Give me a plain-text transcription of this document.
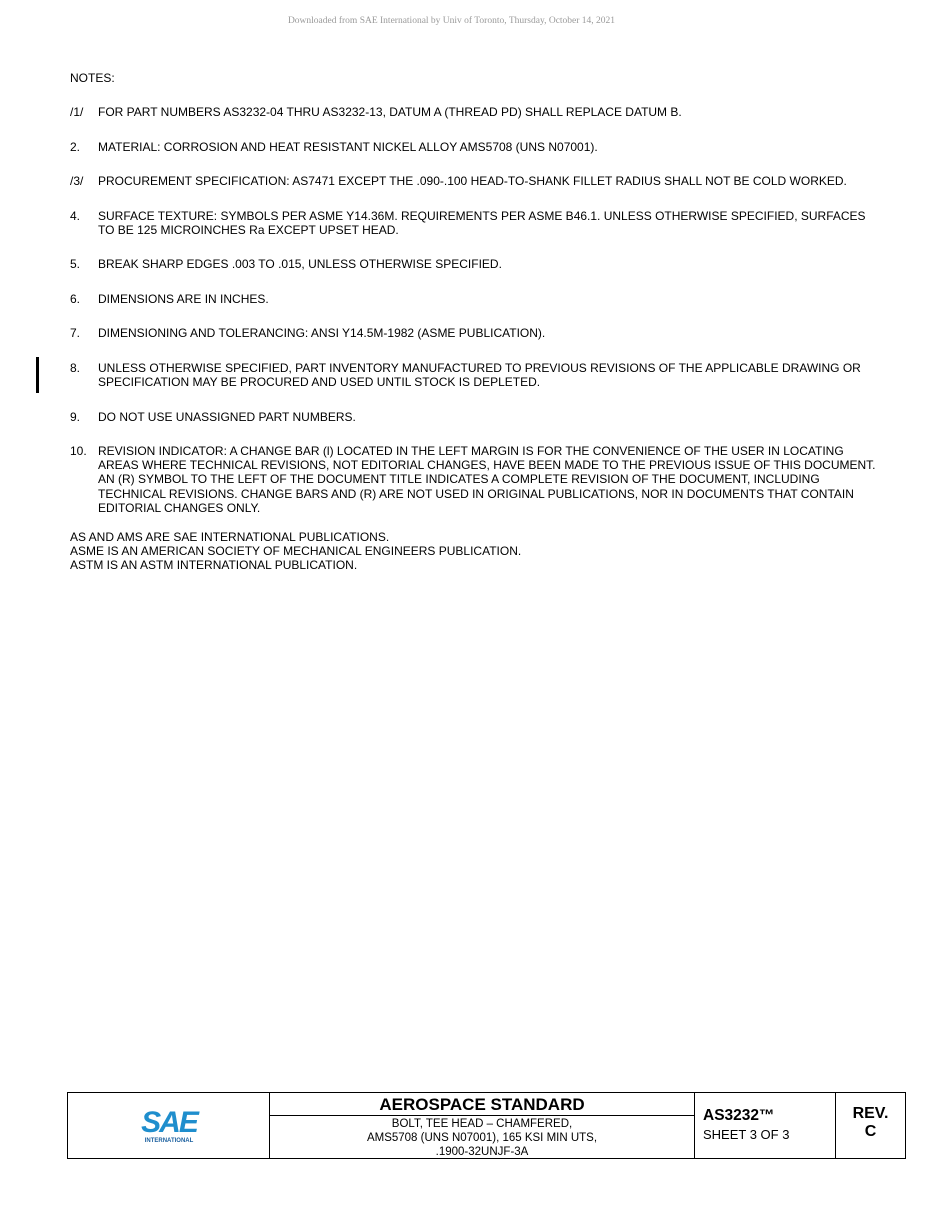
Downloaded from SAE International by Univ of Toronto, Thursday, October 14, 2021
NOTES:
/1/ FOR PART NUMBERS AS3232-04 THRU AS3232-13, DATUM A (THREAD PD) SHALL REPLACE DATUM B.
2. MATERIAL: CORROSION AND HEAT RESISTANT NICKEL ALLOY AMS5708 (UNS N07001).
/3/ PROCUREMENT SPECIFICATION: AS7471 EXCEPT THE .090-.100 HEAD-TO-SHANK FILLET RADIUS SHALL NOT BE COLD WORKED.
4. SURFACE TEXTURE: SYMBOLS PER ASME Y14.36M. REQUIREMENTS PER ASME B46.1. UNLESS OTHERWISE SPECIFIED, SURFACES TO BE 125 MICROINCHES Ra EXCEPT UPSET HEAD.
5. BREAK SHARP EDGES .003 TO .015, UNLESS OTHERWISE SPECIFIED.
6. DIMENSIONS ARE IN INCHES.
7. DIMENSIONING AND TOLERANCING: ANSI Y14.5M-1982 (ASME PUBLICATION).
8. UNLESS OTHERWISE SPECIFIED, PART INVENTORY MANUFACTURED TO PREVIOUS REVISIONS OF THE APPLICABLE DRAWING OR SPECIFICATION MAY BE PROCURED AND USED UNTIL STOCK IS DEPLETED.
9. DO NOT USE UNASSIGNED PART NUMBERS.
10. REVISION INDICATOR: A CHANGE BAR (l) LOCATED IN THE LEFT MARGIN IS FOR THE CONVENIENCE OF THE USER IN LOCATING AREAS WHERE TECHNICAL REVISIONS, NOT EDITORIAL CHANGES, HAVE BEEN MADE TO THE PREVIOUS ISSUE OF THIS DOCUMENT. AN (R) SYMBOL TO THE LEFT OF THE DOCUMENT TITLE INDICATES A COMPLETE REVISION OF THE DOCUMENT, INCLUDING TECHNICAL REVISIONS. CHANGE BARS AND (R) ARE NOT USED IN ORIGINAL PUBLICATIONS, NOR IN DOCUMENTS THAT CONTAIN EDITORIAL CHANGES ONLY.
AS AND AMS ARE SAE INTERNATIONAL PUBLICATIONS.
ASME IS AN AMERICAN SOCIETY OF MECHANICAL ENGINEERS PUBLICATION.
ASTM IS AN ASTM INTERNATIONAL PUBLICATION.
SAE
INTERNATIONAL
AEROSPACE STANDARD
BOLT, TEE HEAD – CHAMFERED,
AMS5708 (UNS N07001), 165 KSI MIN UTS,
.1900-32UNJF-3A
AS3232™
SHEET 3 OF 3
REV.
C
